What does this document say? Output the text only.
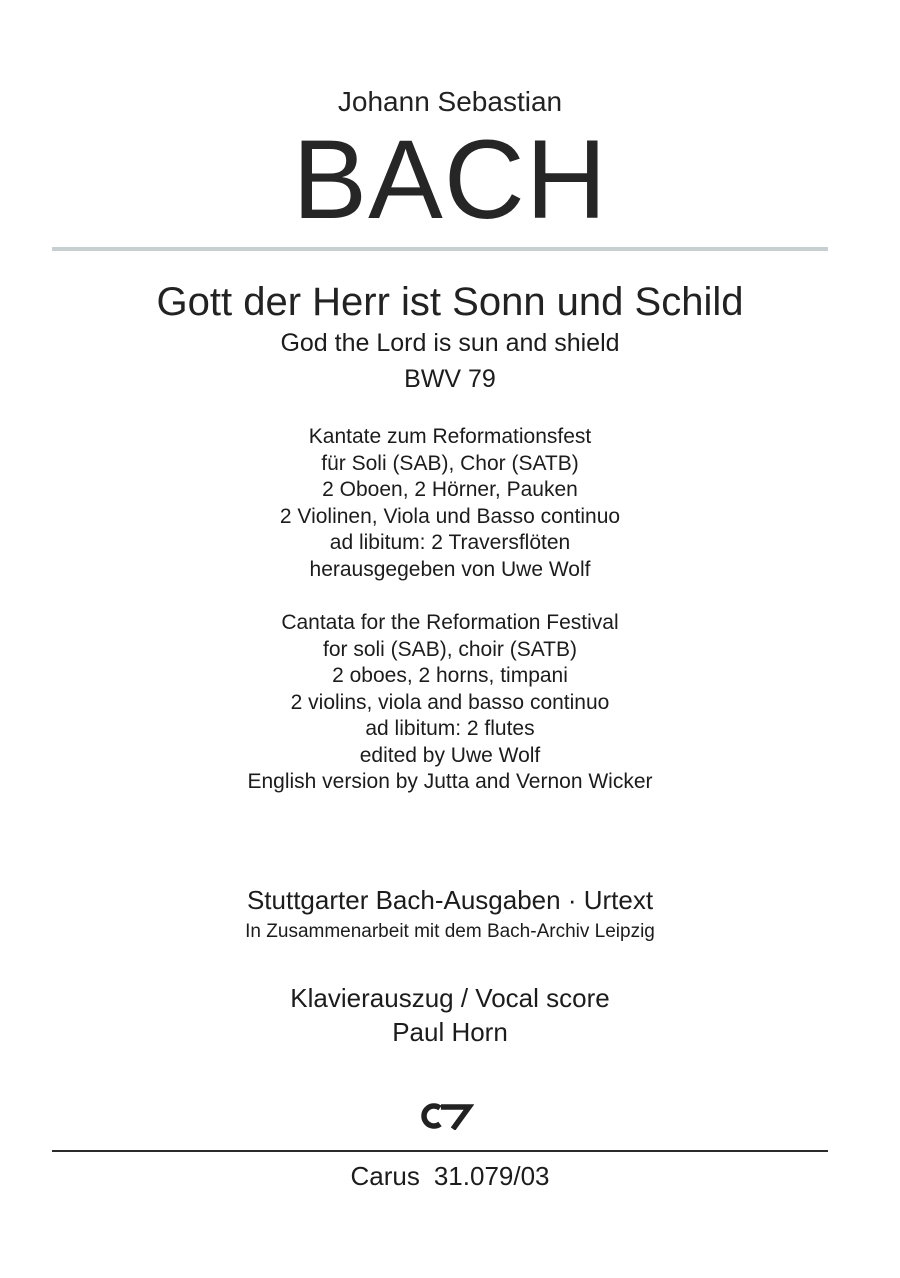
Johann Sebastian
BACH
Gott der Herr ist Sonn und Schild
God the Lord is sun and shield
BWV 79
Kantate zum Reformationsfest
für Soli (SAB), Chor (SATB)
2 Oboen, 2 Hörner, Pauken
2 Violinen, Viola und Basso continuo
ad libitum: 2 Traversflöten
herausgegeben von Uwe Wolf
Cantata for the Reformation Festival
for soli (SAB), choir (SATB)
2 oboes, 2 horns, timpani
2 violins, viola and basso continuo
ad libitum: 2 flutes
edited by Uwe Wolf
English version by Jutta and Vernon Wicker
Stuttgarter Bach-Ausgaben · Urtext
In Zusammenarbeit mit dem Bach-Archiv Leipzig
Klavierauszug / Vocal score
Paul Horn
Carus 31.079/03
